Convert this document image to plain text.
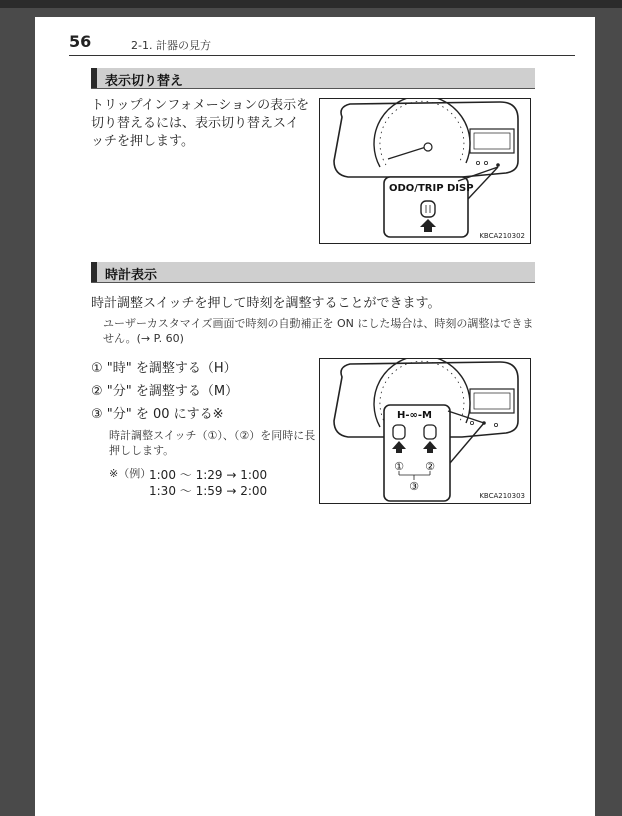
56	2-1. 計器の見方
表示切り替え
トリップインフォメーションの表示を切り替えるには、表示切り替えスイッチを押します。
ODO/TRIP DISP
KBCA210302
時計表示
時計調整スイッチを押して時刻を調整することができます。
ユーザーカスタマイズ画面で時刻の自動補正を ON にした場合は、時刻の調整はできません。(→ P. 60)
① "時" を調整する（H）
② "分" を調整する（M）
③ "分" を 00 にする※
時計調整スイッチ（①）、（②）を同時に長押しします。
※（例）
1:00 ～ 1:29 → 1:00
1:30 ～ 1:59 → 2:00
H-∞-M
① ②
③
KBCA210303
